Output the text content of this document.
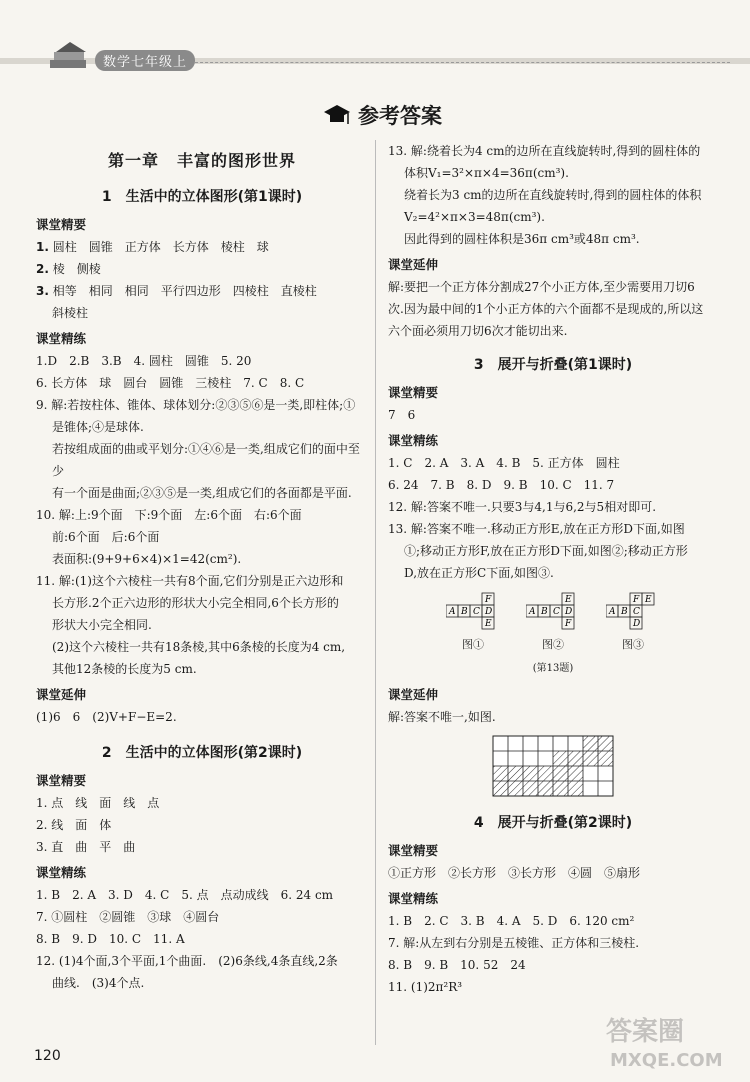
数学七年级上
参考答案
第一章 丰富的图形世界
1 生活中的立体图形(第1课时)
课堂精要
1. 圆柱　圆锥　正方体　长方体　棱柱　球
2. 棱　侧棱
3. 相等　相同　相同　平行四边形　四棱柱　直棱柱
斜棱柱
课堂精练
1.D　2.B　3.B　4. 圆柱　圆锥　5. 20
6. 长方体　球　圆台　圆锥　三棱柱　7. C　8. C
9. 解:若按柱体、锥体、球体划分:②③⑤⑥是一类,即柱体;①
是锥体;④是球体.
若按组成面的曲或平划分:①④⑥是一类,组成它们的面中至少
有一个面是曲面;②③⑤是一类,组成它们的各面都是平面.
10. 解:上:9个面　下:9个面　左:6个面　右:6个面
前:6个面　后:6个面
表面积:(9+9+6×4)×1=42(cm²).
11. 解:(1)这个六棱柱一共有8个面,它们分别是正六边形和
长方形.2个正六边形的形状大小完全相同,6个长方形的
形状大小完全相同.
(2)这个六棱柱一共有18条棱,其中6条棱的长度为4 cm,
其他12条棱的长度为5 cm.
课堂延伸
(1)6　6　(2)V+F−E=2.
2 生活中的立体图形(第2课时)
课堂精要
1. 点　线　面　线　点
2. 线　面　体
3. 直　曲　平　曲
课堂精练
1. B　2. A　3. D　4. C　5. 点　点动成线　6. 24 cm
7. ①圆柱　②圆锥　③球　④圆台
8. B　9. D　10. C　11. A
12. (1)4个面,3个平面,1个曲面.　(2)6条线,4条直线,2条
曲线.　(3)4个点.
13. 解:绕着长为4 cm的边所在直线旋转时,得到的圆柱体的
体积V₁=3²×π×4=36π(cm³).
绕着长为3 cm的边所在直线旋转时,得到的圆柱体的体积
V₂=4²×π×3=48π(cm³).
因此得到的圆柱体积是36π cm³或48π cm³.
课堂延伸
解:要把一个正方体分割成27个小正方体,至少需要用刀切6
次.因为最中间的1个小正方体的六个面都不是现成的,所以这
六个面必须用刀切6次才能切出来.
3 展开与折叠(第1课时)
课堂精要
7　6
课堂精练
1. C　2. A　3. A　4. B　5. 正方体　圆柱
6. 24　7. B　8. D　9. B　10. C　11. 7
12. 解:答案不唯一.只要3与4,1与6,2与5相对即可.
13. 解:答案不唯一.移动正方形E,放在正方形D下面,如图
①;移动正方形F,放在正方形D下面,如图②;移动正方形
D,放在正方形C下面,如图③.
A B C D
E
F
图①
A B C D
E
F
图②
A B C
D
F E
图③
(第13题)
课堂延伸
解:答案不唯一,如图.
4 展开与折叠(第2课时)
课堂精要
①正方形　②长方形　③长方形　④圆　⑤扇形
课堂精练
1. B　2. C　3. B　4. A　5. D　6. 120 cm²
7. 解:从左到右分别是五棱锥、正方体和三棱柱.
8. B　9. B　10. 52　24
11. (1)2π²R³
120
答案圈
MXQE.COM
